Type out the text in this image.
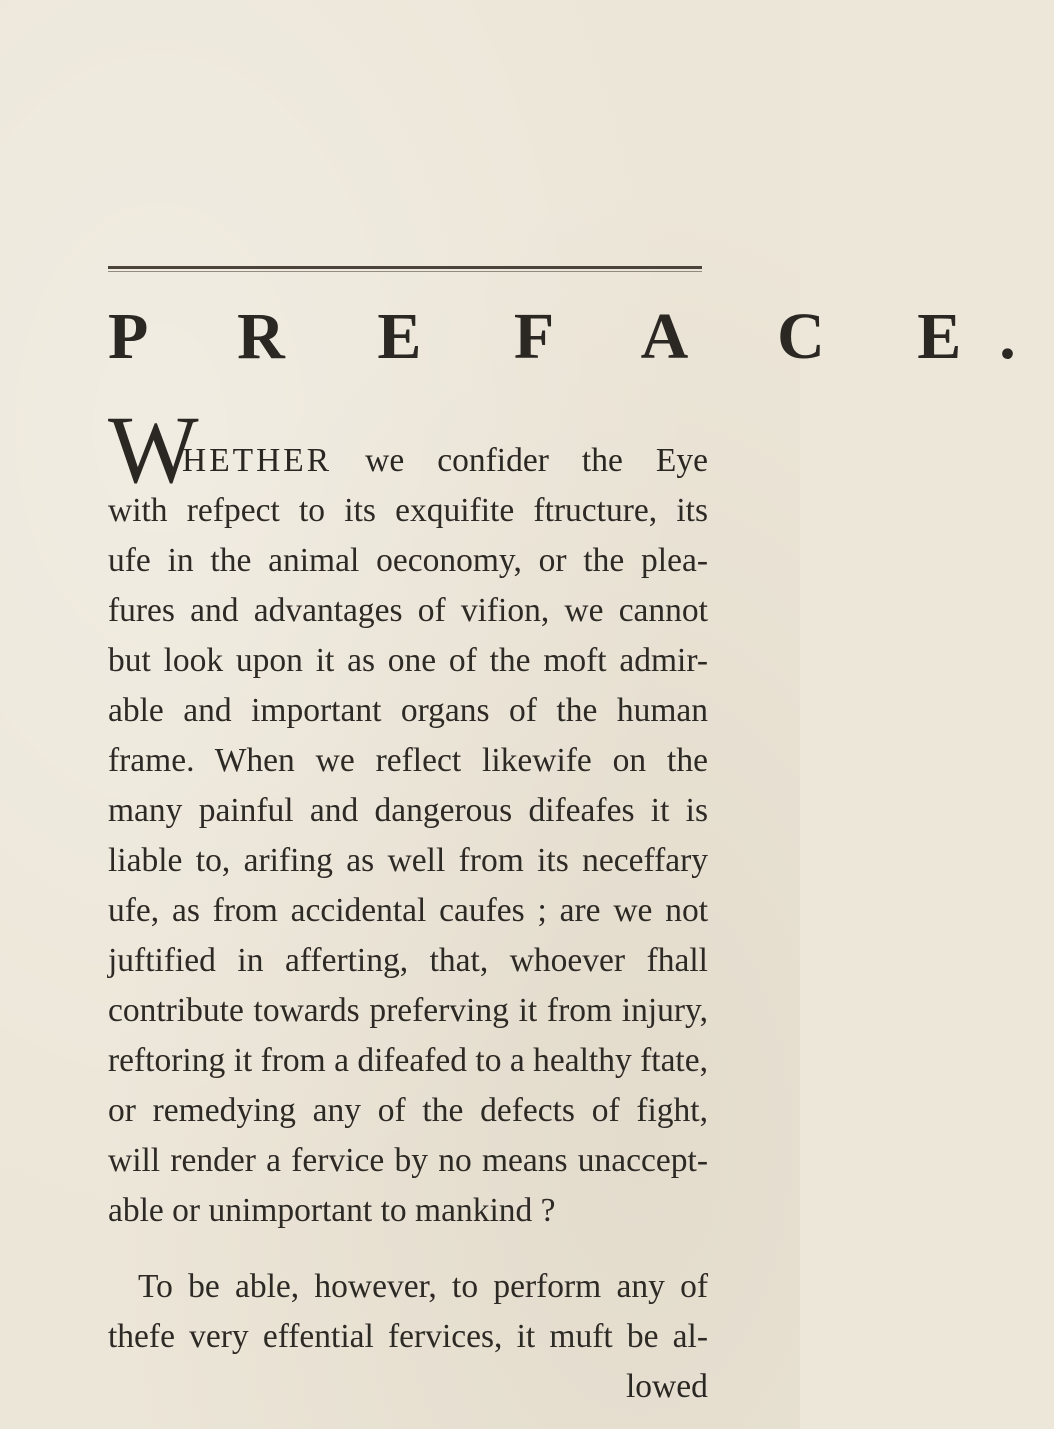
P R E F A C E.
W
HETHER we confider the Eye
with refpect to its exquifite ftructure, its
ufe in the animal oeconomy, or the plea-
fures and advantages of vifion, we cannot
but look upon it as one of the moft admir-
able and important organs of the human
frame. When we reflect likewife on the
many painful and dangerous difeafes it is
liable to, arifing as well from its neceffary
ufe, as from accidental caufes ; are we not
juftified in afferting, that, whoever fhall
contribute towards preferving it from injury,
reftoring it from a difeafed to a healthy ftate,
or remedying any of the defects of fight,
will render a fervice by no means unaccept-
able or unimportant to mankind ?
To be able, however, to perform any of
thefe very effential fervices, it muft be al-
lowed
